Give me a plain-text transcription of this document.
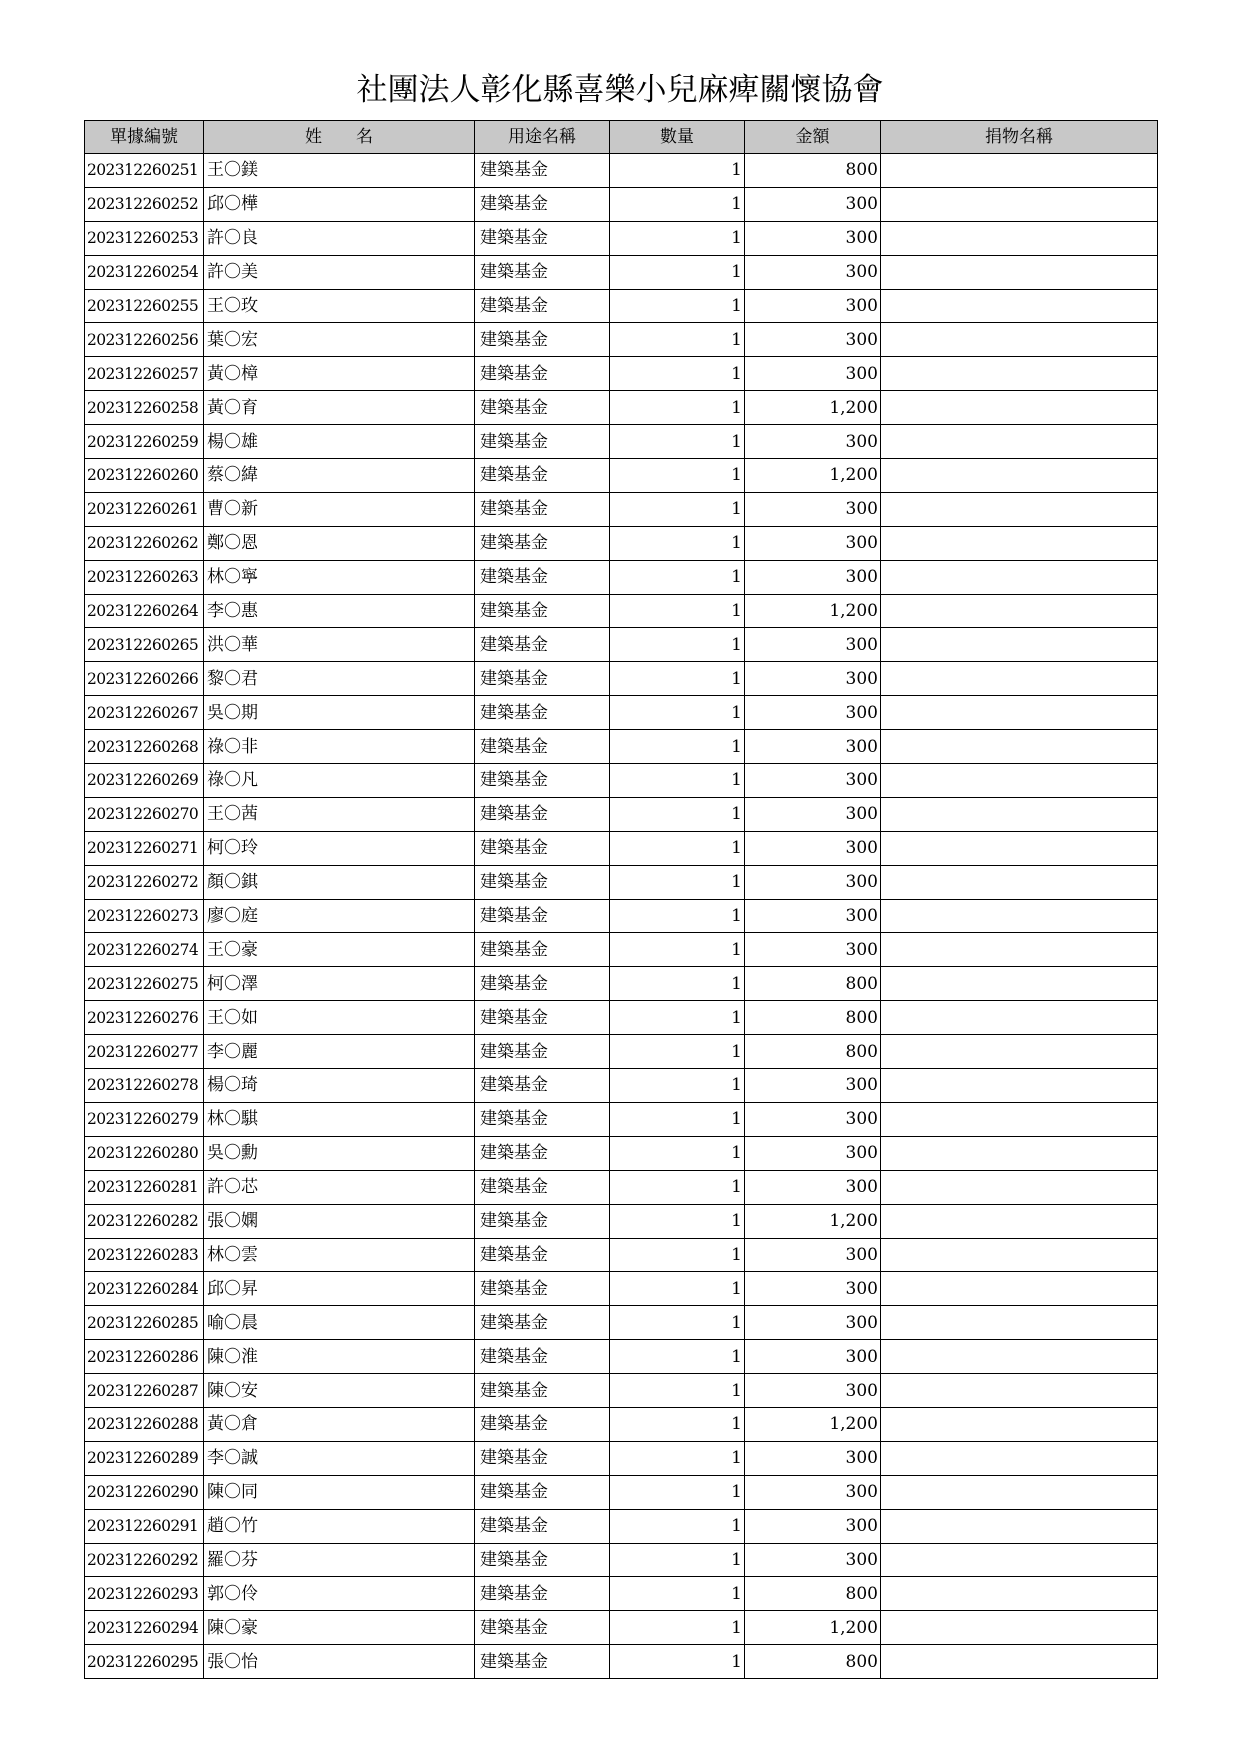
社團法人彰化縣喜樂小兒麻痺關懷協會
單據編號	姓　　名	用途名稱	數量	金額	捐物名稱
202312260251	王〇鎂	建築基金	1	800	
202312260252	邱〇樺	建築基金	1	300	
202312260253	許〇良	建築基金	1	300	
202312260254	許〇美	建築基金	1	300	
202312260255	王〇玫	建築基金	1	300	
202312260256	葉〇宏	建築基金	1	300	
202312260257	黃〇樟	建築基金	1	300	
202312260258	黃〇育	建築基金	1	1,200	
202312260259	楊〇雄	建築基金	1	300	
202312260260	蔡〇緯	建築基金	1	1,200	
202312260261	曹〇新	建築基金	1	300	
202312260262	鄭〇恩	建築基金	1	300	
202312260263	林〇寧	建築基金	1	300	
202312260264	李〇惠	建築基金	1	1,200	
202312260265	洪〇華	建築基金	1	300	
202312260266	黎〇君	建築基金	1	300	
202312260267	吳〇期	建築基金	1	300	
202312260268	祿〇非	建築基金	1	300	
202312260269	祿〇凡	建築基金	1	300	
202312260270	王〇茜	建築基金	1	300	
202312260271	柯〇玲	建築基金	1	300	
202312260272	顏〇錤	建築基金	1	300	
202312260273	廖〇庭	建築基金	1	300	
202312260274	王〇豪	建築基金	1	300	
202312260275	柯〇澤	建築基金	1	800	
202312260276	王〇如	建築基金	1	800	
202312260277	李〇麗	建築基金	1	800	
202312260278	楊〇琦	建築基金	1	300	
202312260279	林〇騏	建築基金	1	300	
202312260280	吳〇勳	建築基金	1	300	
202312260281	許〇芯	建築基金	1	300	
202312260282	張〇嫻	建築基金	1	1,200	
202312260283	林〇雲	建築基金	1	300	
202312260284	邱〇昇	建築基金	1	300	
202312260285	喻〇晨	建築基金	1	300	
202312260286	陳〇淮	建築基金	1	300	
202312260287	陳〇安	建築基金	1	300	
202312260288	黃〇倉	建築基金	1	1,200	
202312260289	李〇誠	建築基金	1	300	
202312260290	陳〇同	建築基金	1	300	
202312260291	趙〇竹	建築基金	1	300	
202312260292	羅〇芬	建築基金	1	300	
202312260293	郭〇伶	建築基金	1	800	
202312260294	陳〇豪	建築基金	1	1,200	
202312260295	張〇怡	建築基金	1	800	
